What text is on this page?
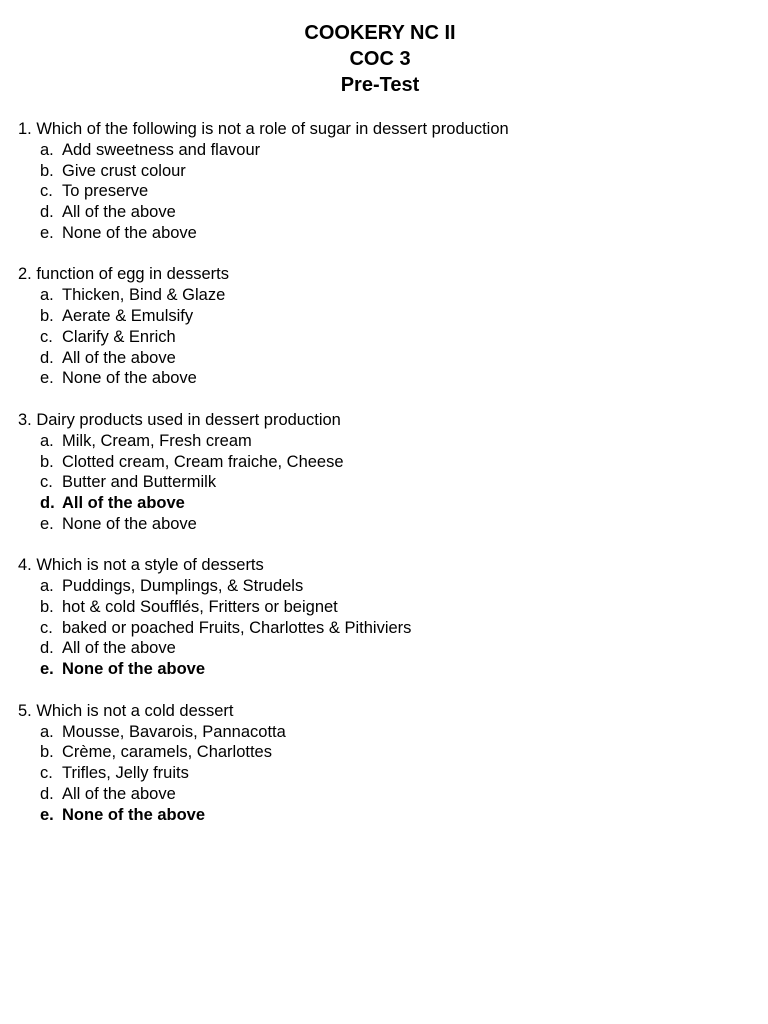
COOKERY NC II
COC 3
Pre-Test
1. Which of the following is not a role of sugar in dessert production
a. Add sweetness and flavour
b. Give crust colour
c. To preserve
d. All of the above
e. None of the above
2. function of egg in desserts
a. Thicken, Bind & Glaze
b. Aerate & Emulsify
c. Clarify & Enrich
d. All of the above
e. None of the above
3. Dairy products used in dessert production
a. Milk, Cream, Fresh cream
b. Clotted cream, Cream fraiche, Cheese
c. Butter and Buttermilk
d. All of the above
e. None of the above
4. Which is not a style of desserts
a. Puddings, Dumplings, & Strudels
b. hot & cold Soufflés, Fritters or beignet
c. baked or poached Fruits, Charlottes & Pithiviers
d. All of the above
e. None of the above
5. Which is not a cold dessert
a. Mousse, Bavarois, Pannacotta
b. Crème, caramels, Charlottes
c. Trifles, Jelly fruits
d. All of the above
e. None of the above
